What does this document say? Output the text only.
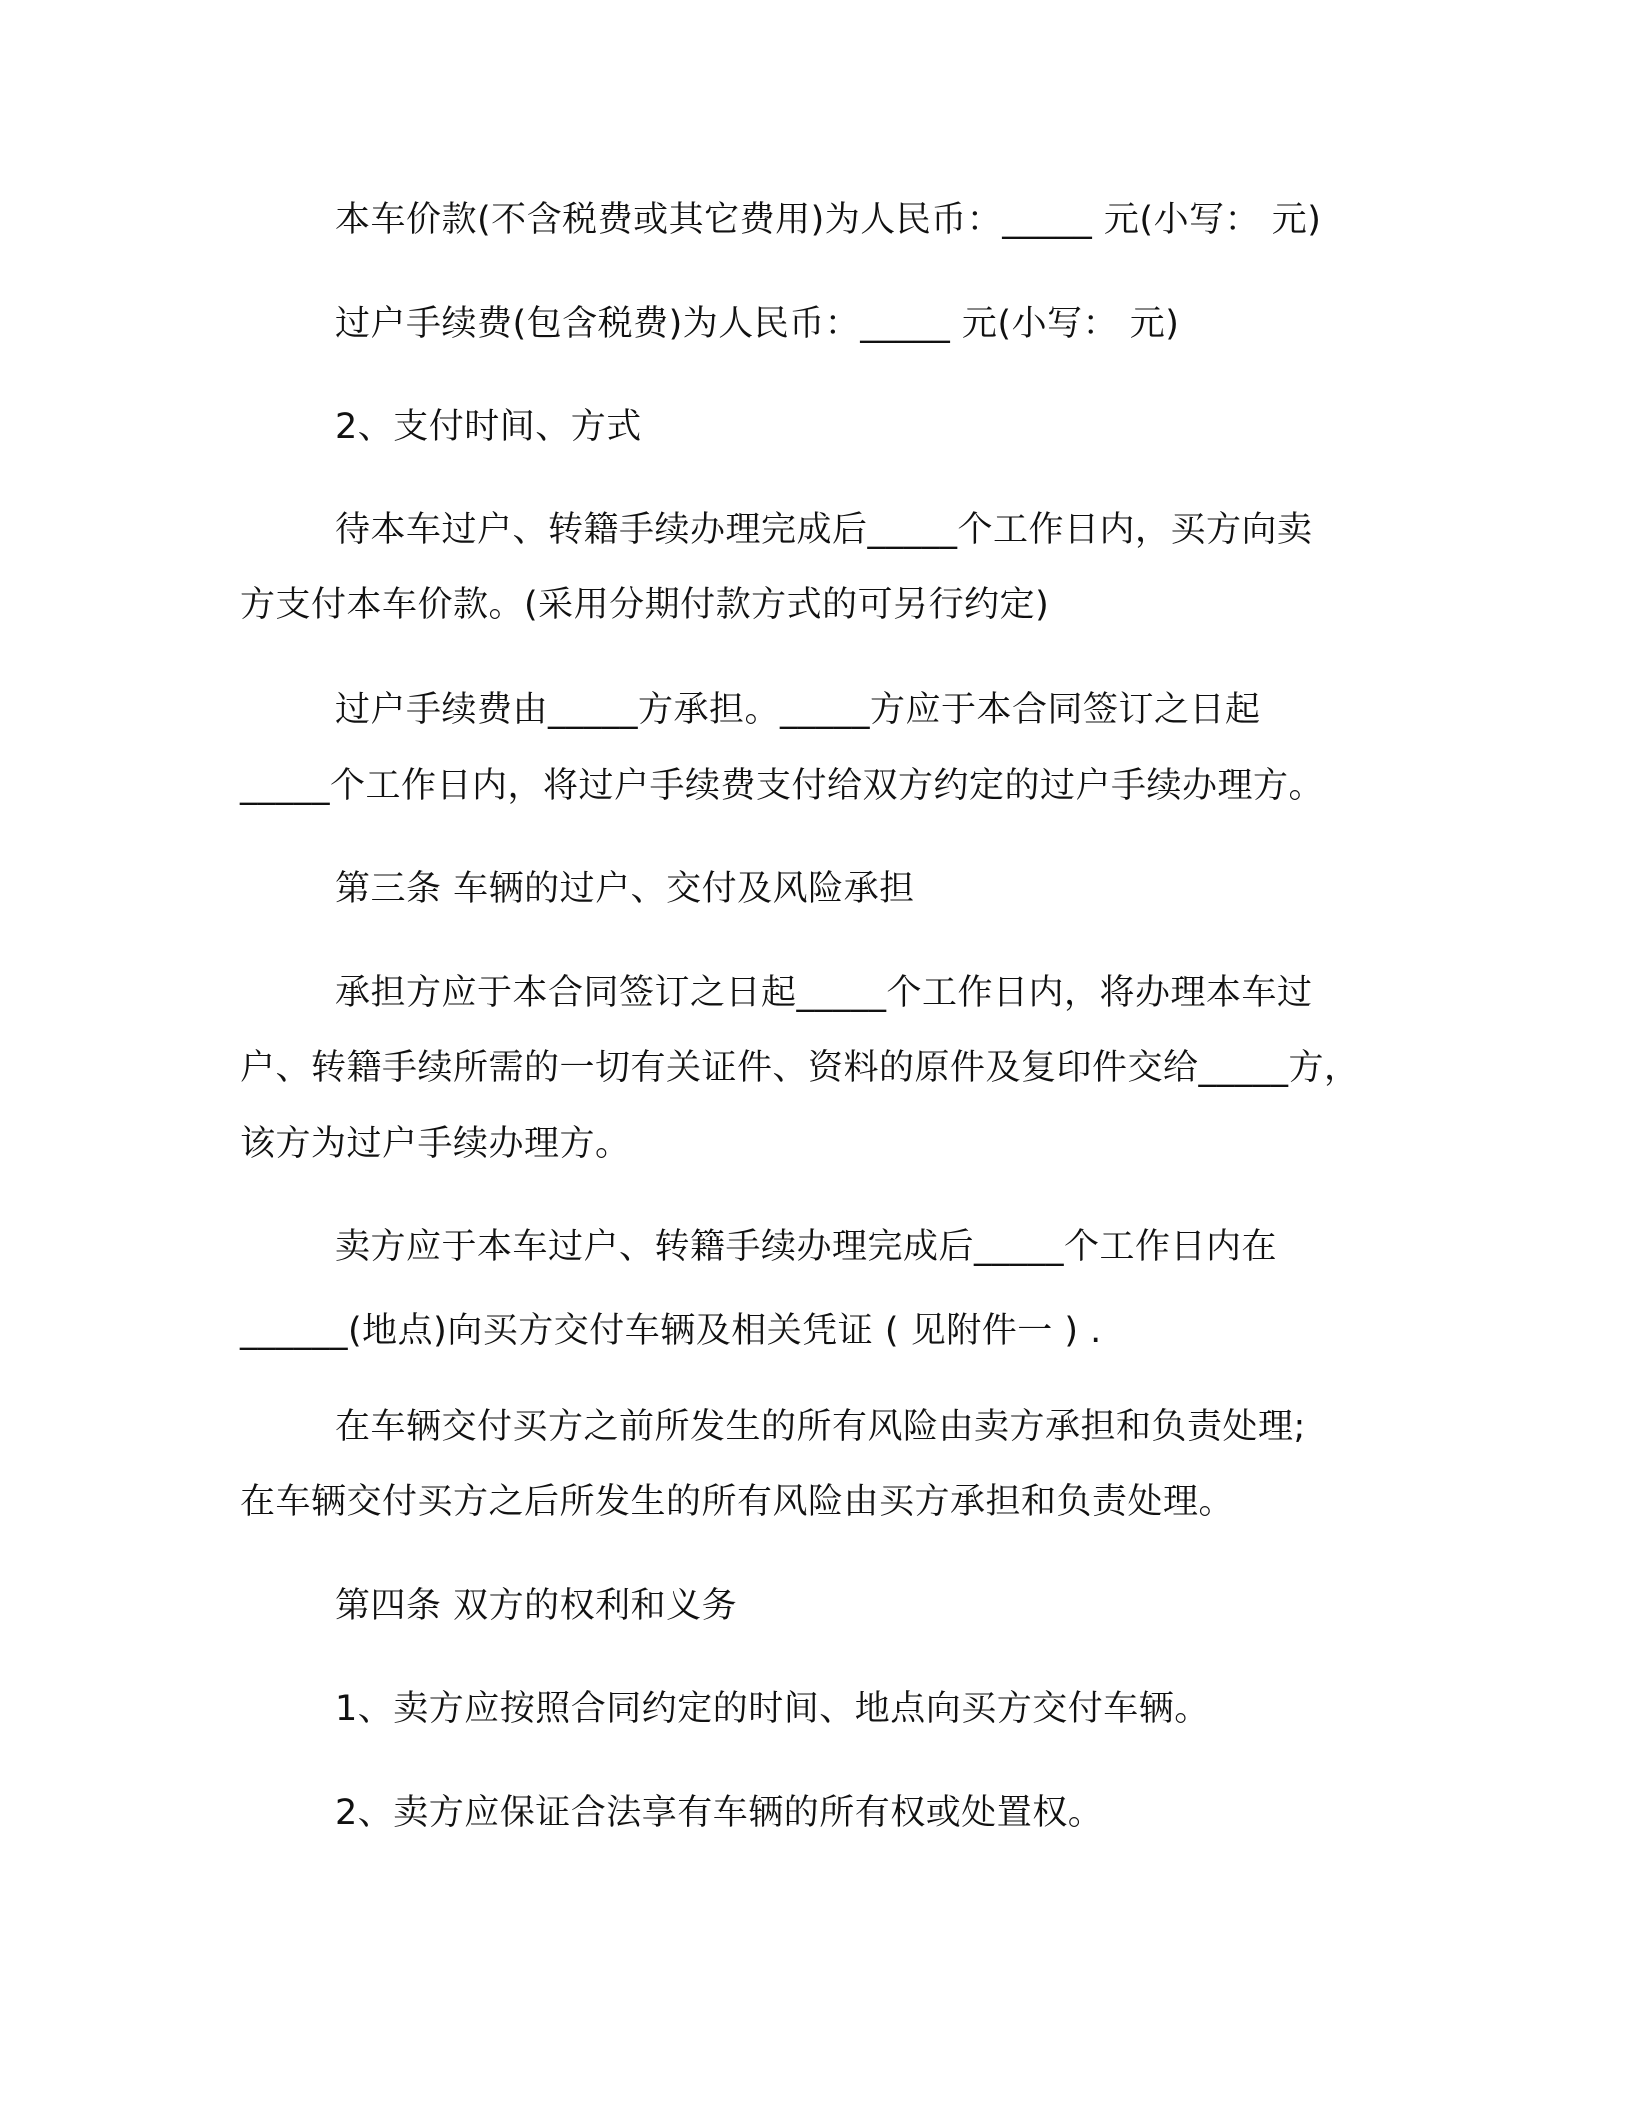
本车价款(不含税费或其它费用)为人民币：_____ 元(小写： 元)
过户手续费(包含税费)为人民币：_____ 元(小写： 元)
2、支付时间、方式
待本车过户、转籍手续办理完成后_____个工作日内，买方向卖
方支付本车价款。(采用分期付款方式的可另行约定)
过户手续费由_____方承担。_____方应于本合同签订之日起
_____个工作日内，将过户手续费支付给双方约定的过户手续办理方。
第三条 车辆的过户、交付及风险承担
承担方应于本合同签订之日起_____个工作日内，将办理本车过
户、转籍手续所需的一切有关证件、资料的原件及复印件交给_____方，
该方为过户手续办理方。
卖方应于本车过户、转籍手续办理完成后_____个工作日内在
______(地点)向买方交付车辆及相关凭证 ( 见附件一 ) .
在车辆交付买方之前所发生的所有风险由卖方承担和负责处理;
在车辆交付买方之后所发生的所有风险由买方承担和负责处理。
第四条 双方的权利和义务
1、卖方应按照合同约定的时间、地点向买方交付车辆。
2、卖方应保证合法享有车辆的所有权或处置权。
